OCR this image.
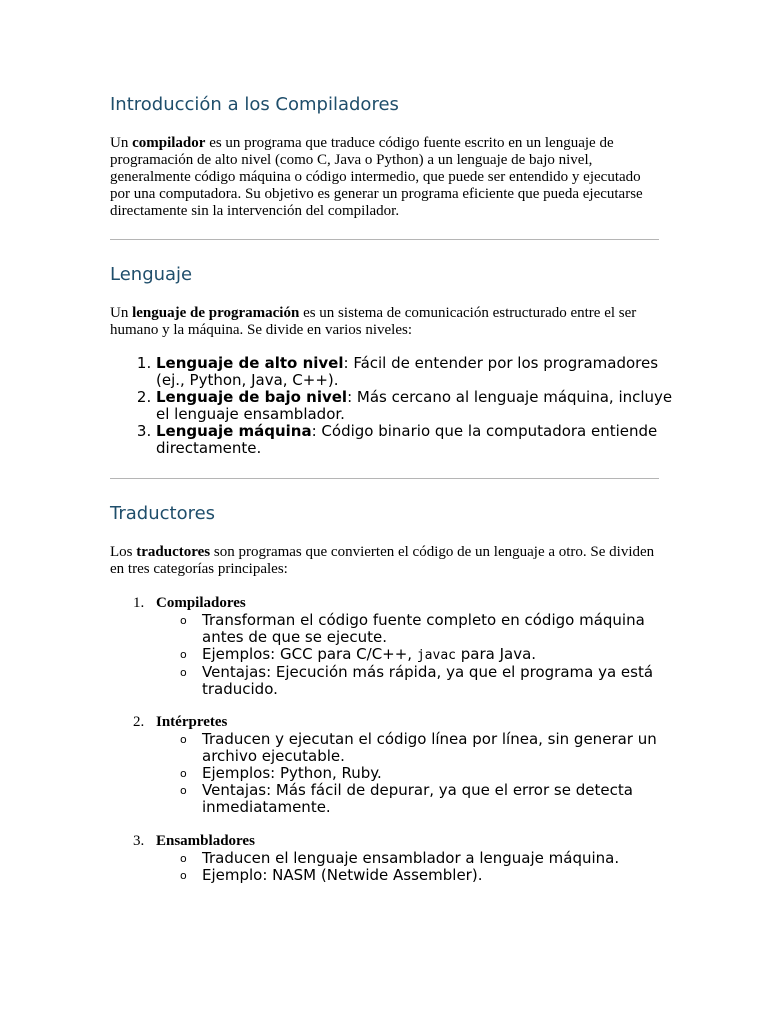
Introducción a los Compiladores

Un compilador es un programa que traduce código fuente escrito en un lenguaje de programación de alto nivel (como C, Java o Python) a un lenguaje de bajo nivel, generalmente código máquina o código intermedio, que puede ser entendido y ejecutado por una computadora. Su objetivo es generar un programa eficiente que pueda ejecutarse directamente sin la intervención del compilador.

Lenguaje

Un lenguaje de programación es un sistema de comunicación estructurado entre el ser humano y la máquina. Se divide en varios niveles:

1. Lenguaje de alto nivel: Fácil de entender por los programadores (ej., Python, Java, C++).
2. Lenguaje de bajo nivel: Más cercano al lenguaje máquina, incluye el lenguaje ensamblador.
3. Lenguaje máquina: Código binario que la computadora entiende directamente.
Traductores

Los traductores son programas que convierten el código de un lenguaje a otro. Se dividen en tres categorías principales:

1. Compiladores
o Transforman el código fuente completo en código máquina antes de que se ejecute.
o Ejemplos: GCC para C/C++, javac para Java.
o Ventajas: Ejecución más rápida, ya que el programa ya está traducido.
2. Intérpretes
o Traducen y ejecutan el código línea por línea, sin generar un archivo ejecutable.
o Ejemplos: Python, Ruby.
o Ventajas: Más fácil de depurar, ya que el error se detecta inmediatamente.
3. Ensambladores
o Traducen el lenguaje ensamblador a lenguaje máquina.
o Ejemplo: NASM (Netwide Assembler).
